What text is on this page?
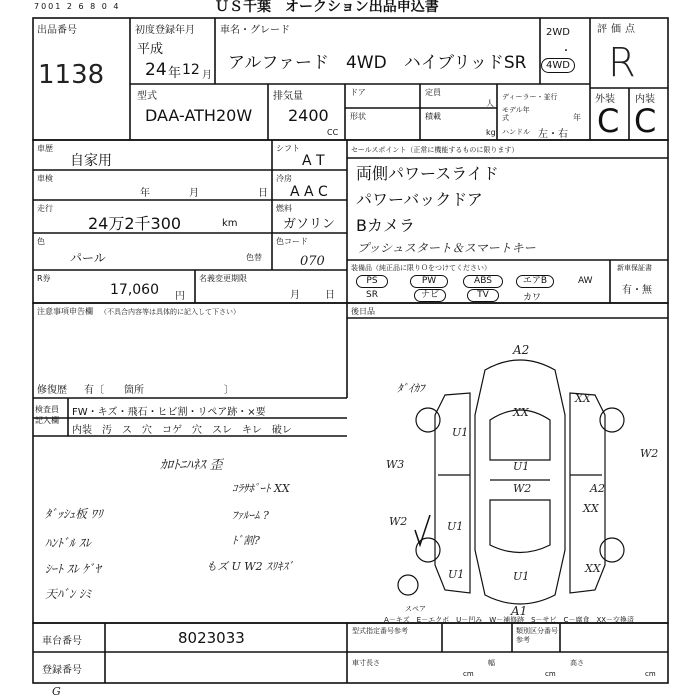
7001 2 6 8 0 4	ＵＳ千葉　オークション出品申込書
出品番号
1138
初度登録年月
平成
24 年 12 月
車名・グレード
アルファード　4WD　ハイブリッドSR
2WD
・
4WD
型式
DAA-ATH20W
排気量
2400
CC
ドア
形状
定員
人
積載
kg
ディーラー・並行
モデル年式	年
ハンドル 左・右
評価点
R
外装 内装
C C
車歴
自家用
車検
年	月	日
走行
24万2千300	km
色
パール	色替
シフト
A T
冷房
A A C
燃料
ガソリン
色コード
070
R券
17,060 円
名義変更期限
月	日
セールスポイント（正常に機能するものに限ります）
両側パワースライド
パワーバックドア
Bカメラ
プッシュスタート＆スマートキー
装備品（純正品に限りＯをつけてください）
PS	PW	ABS	エアB	AW
SR	ナビ	TV	カワ
新車保証書
有・無
注意事項申告欄 （不具合内容等は具体的に記入して下さい）
修復歴 有〔　　箇所　　　　　　　　〕
検査員記入欄
FW・キズ・飛石・ヒビ割・リペア跡・×要
内装　汚　ス　穴　コゲ　穴　スレ　キレ　破レ
ｶﾛﾄﾆﾊﾈｽ 歪
ｺﾗｻﾎﾟｰﾄ XX
ﾀﾞｯｼｭ板 ﾜﾘ	ﾌｧﾙｰﾑ ?
ﾊﾝﾄﾞﾙ ｽﾚ	ﾄﾞ割?
ｼｰﾄ ｽﾚ ｹﾞﾔ	もズ U W2 ｽﾘｷｽﾞ
天ﾊﾞﾝ ｼﾐ
後日品
A2
ﾀﾞｲｶﾌ
XX
XX
U1
W2
W3	U1
W2	A2
XX
W2	U1
U1
XX
U1
A1
スペア
A－キズ　E－エクボ　U－凹み　W－補修跡　S－サビ　C－腐食　XX－交換済
車台番号	8023033
登録番号
型式指定番号参考	類別区分番号参考
車寸長さ	幅	高さ
cm	cm	cm
G
